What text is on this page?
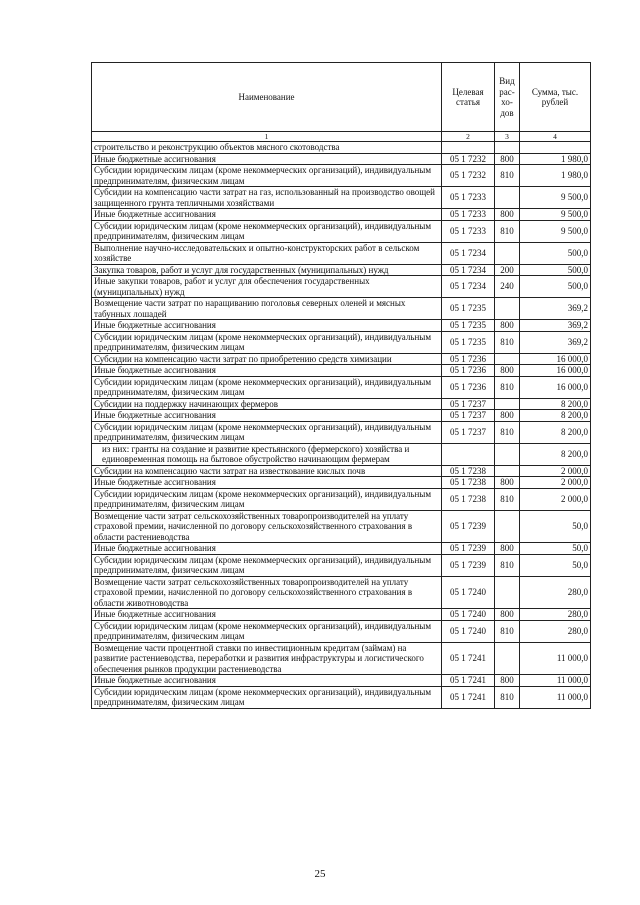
Наименование	Целевая статья	Вид рас- хо- дов	Сумма, тыс. рублей
1	2	3	4
строительство и реконструкцию объектов мясного скотоводства			
Иные бюджетные ассигнования	05 1 7232	800	1 980,0
Субсидии юридическим лицам (кроме некоммерческих организаций), индивидуальным предпринимателям, физическим лицам	05 1 7232	810	1 980,0
Субсидии на компенсацию части затрат на газ, использованный на производство овощей защищенного грунта тепличными хозяйствами	05 1 7233		9 500,0
Иные бюджетные ассигнования	05 1 7233	800	9 500,0
Субсидии юридическим лицам (кроме некоммерческих организаций), индивидуальным предпринимателям, физическим лицам	05 1 7233	810	9 500,0
Выполнение научно-исследовательских и опытно-конструкторских работ в сельском хозяйстве	05 1 7234		500,0
Закупка товаров, работ и услуг для государственных (муниципальных) нужд	05 1 7234	200	500,0
Иные закупки товаров, работ и услуг для обеспечения государственных (муниципальных) нужд	05 1 7234	240	500,0
Возмещение части затрат по наращиванию поголовья северных оленей и мясных табунных лошадей	05 1 7235		369,2
Иные бюджетные ассигнования	05 1 7235	800	369,2
Субсидии юридическим лицам (кроме некоммерческих организаций), индивидуальным предпринимателям, физическим лицам	05 1 7235	810	369,2
Субсидии на компенсацию части затрат по приобретению средств химизации	05 1 7236		16 000,0
Иные бюджетные ассигнования	05 1 7236	800	16 000,0
Субсидии юридическим лицам (кроме некоммерческих организаций), индивидуальным предпринимателям, физическим лицам	05 1 7236	810	16 000,0
Субсидии на поддержку начинающих фермеров	05 1 7237		8 200,0
Иные бюджетные ассигнования	05 1 7237	800	8 200,0
Субсидии юридическим лицам (кроме некоммерческих организаций), индивидуальным предпринимателям, физическим лицам	05 1 7237	810	8 200,0
из них: гранты на создание и развитие крестьянского (фермерского) хозяйства и единовременная помощь на бытовое обустройство начинающим фермерам			8 200,0
Субсидии на компенсацию части затрат на известкование кислых почв	05 1 7238		2 000,0
Иные бюджетные ассигнования	05 1 7238	800	2 000,0
Субсидии юридическим лицам (кроме некоммерческих организаций), индивидуальным предпринимателям, физическим лицам	05 1 7238	810	2 000,0
Возмещение части затрат сельскохозяйственных товаропроизводителей на уплату страховой премии, начисленной по договору сельскохозяйственного страхования в области растениеводства	05 1 7239		50,0
Иные бюджетные ассигнования	05 1 7239	800	50,0
Субсидии юридическим лицам (кроме некоммерческих организаций), индивидуальным предпринимателям, физическим лицам	05 1 7239	810	50,0
Возмещение части затрат сельскохозяйственных товаропроизводителей на уплату страховой премии, начисленной по договору сельскохозяйственного страхования в области животноводства	05 1 7240		280,0
Иные бюджетные ассигнования	05 1 7240	800	280,0
Субсидии юридическим лицам (кроме некоммерческих организаций), индивидуальным предпринимателям, физическим лицам	05 1 7240	810	280,0
Возмещение части процентной ставки по инвестиционным кредитам (займам) на развитие растениеводства, переработки и развития инфраструктуры и логистического обеспечения рынков продукции растениеводства	05 1 7241		11 000,0
Иные бюджетные ассигнования	05 1 7241	800	11 000,0
Субсидии юридическим лицам (кроме некоммерческих организаций), индивидуальным предпринимателям, физическим лицам	05 1 7241	810	11 000,0
25
